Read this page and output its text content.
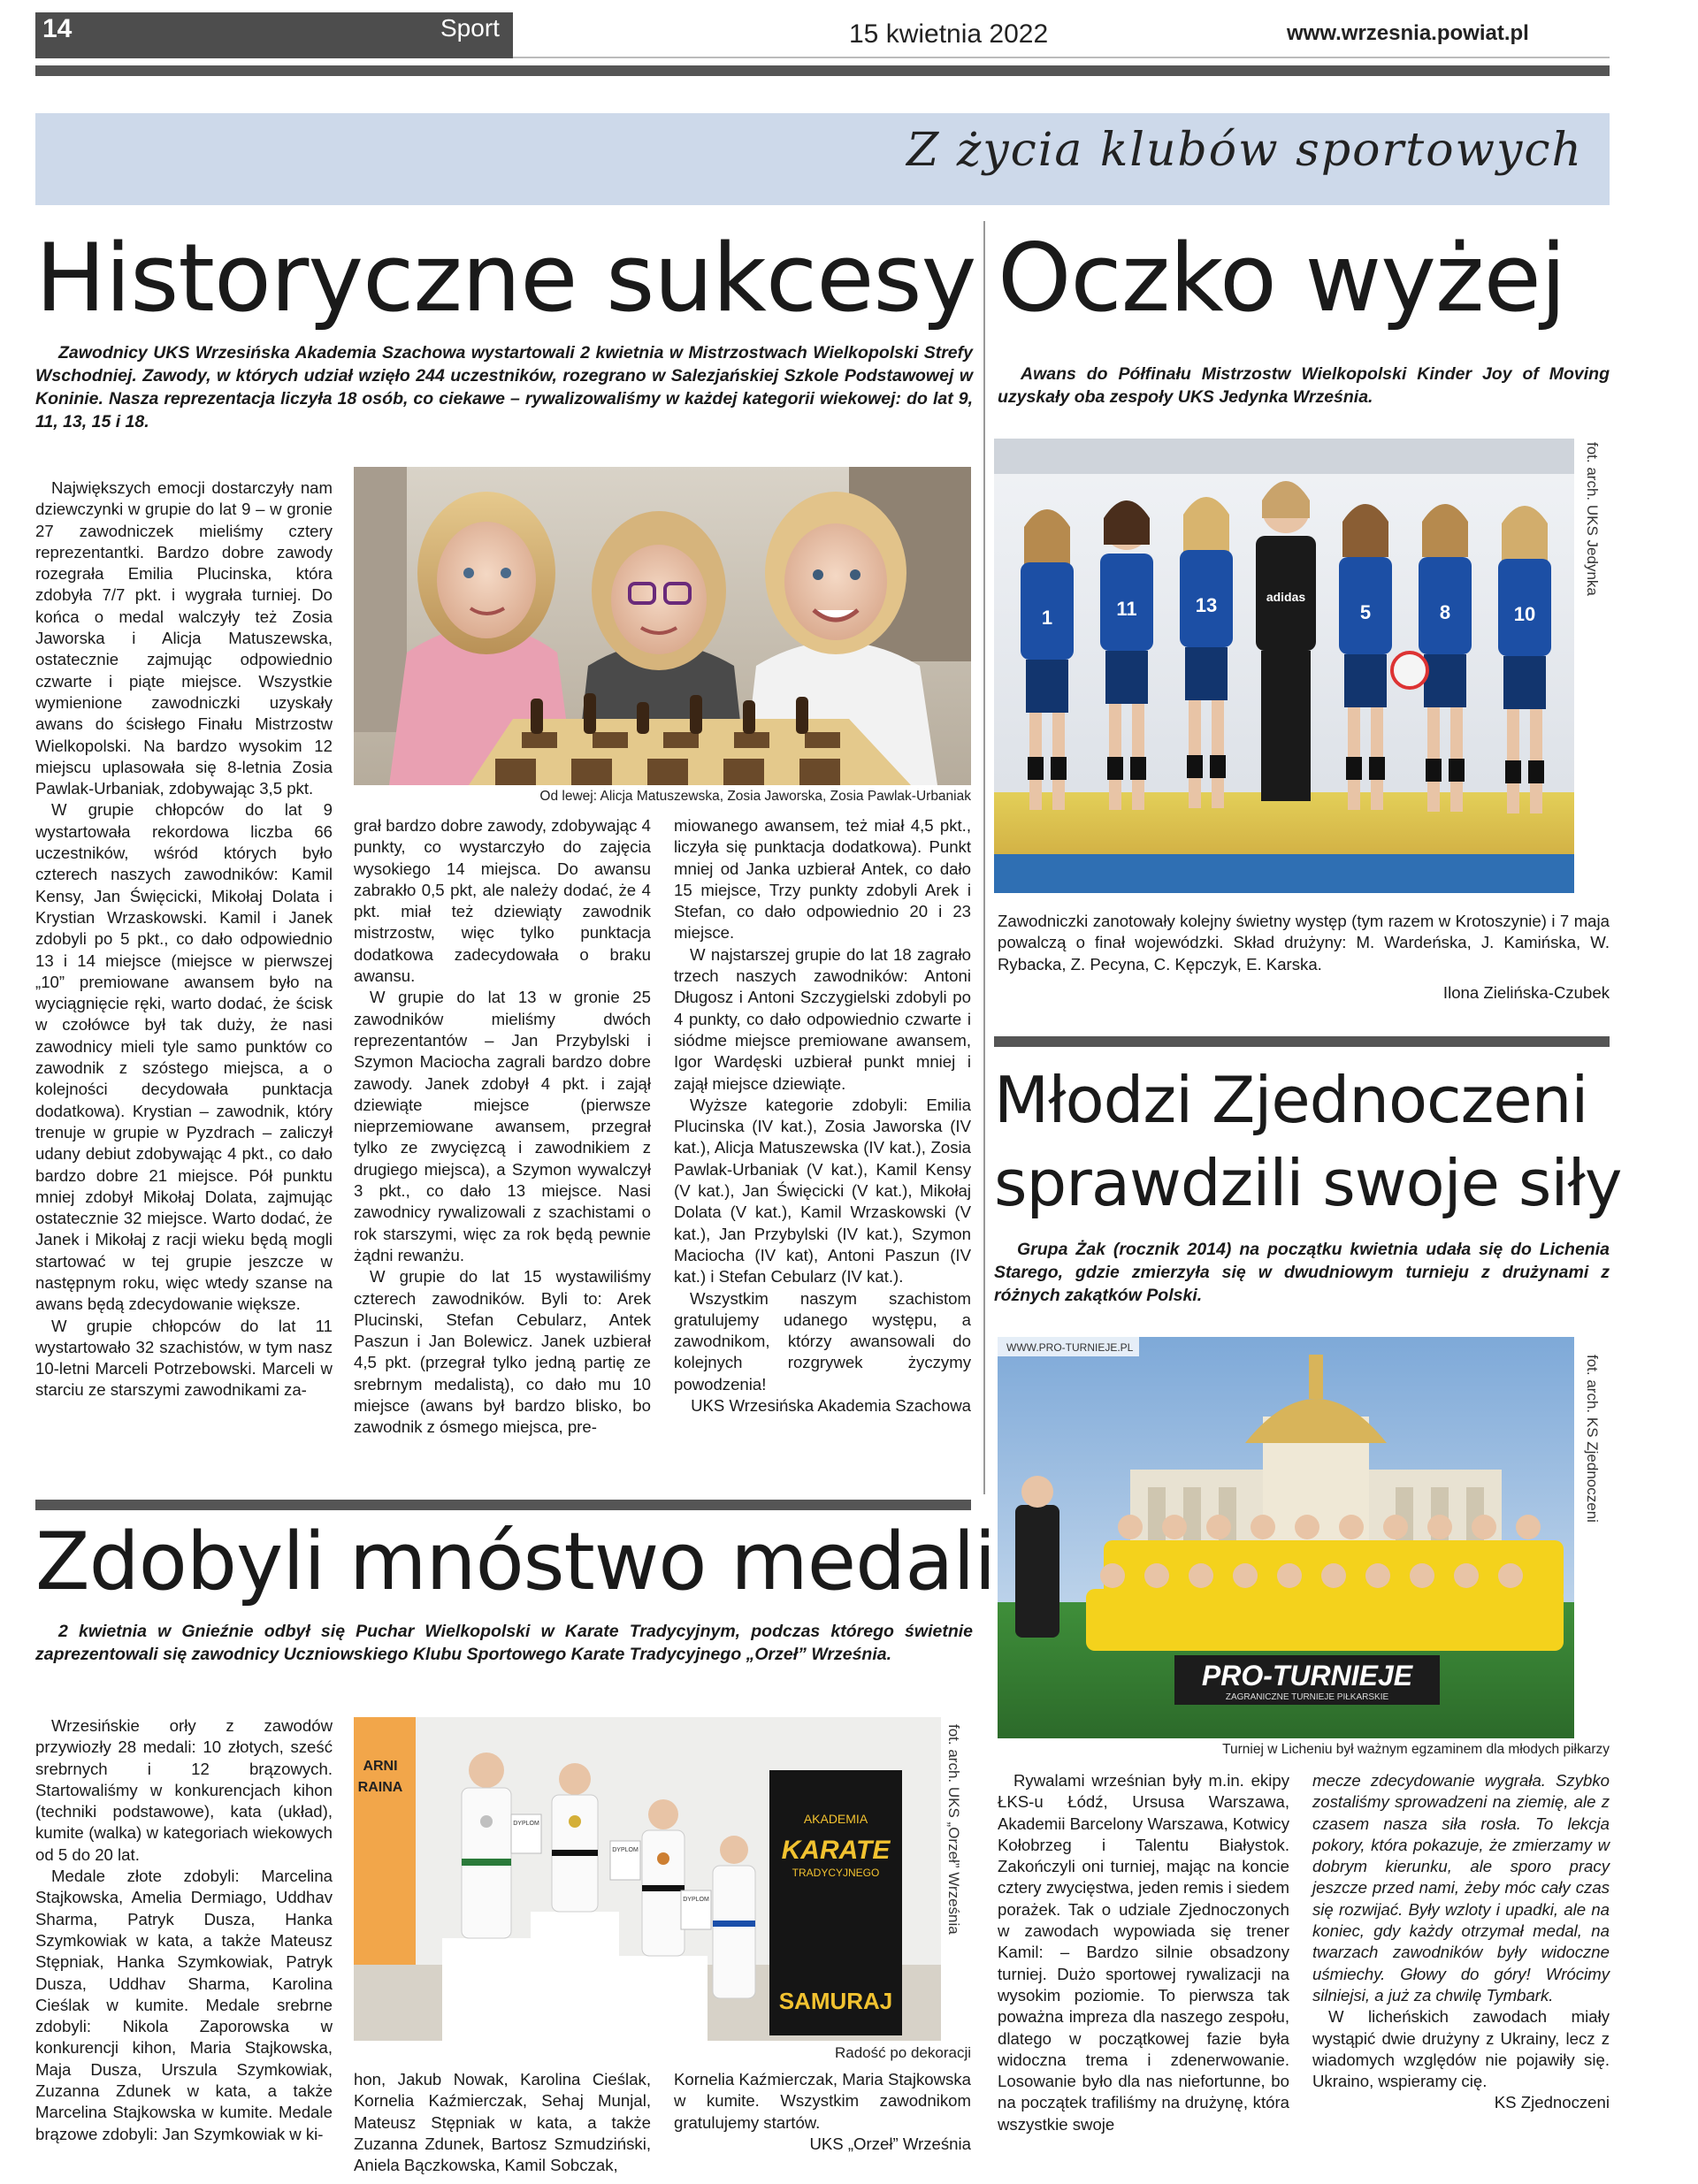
14	Sport	15 kwietnia 2022	www.wrzesnia.powiat.pl
Z życia klubów sportowych
Historyczne sukcesy
Zawodnicy UKS Wrzesińska Akademia Szachowa wystartowali 2 kwietnia w Mistrzostwach Wielkopolski Strefy Wschodniej. Zawody, w których udział wzięło 244 uczestników, rozegrano w Salezjańskiej Szkole Podstawowej w Koninie. Nasza reprezentacja liczyła 18 osób, co ciekawe – rywalizowaliśmy w każdej kategorii wiekowej: do lat 9, 11, 13, 15 i 18.
Od lewej: Alicja Matuszewska, Zosia Jaworska, Zosia Pawlak-Urbaniak

Największych emocji dostarczyły nam dziewczynki w grupie do lat 9 – w gronie 27 zawodniczek mieliśmy cztery reprezentantki. Bardzo dobre zawody rozegrała Emilia Plucinska, która zdobyła 7/7 pkt. i wygrała turniej. Do końca o medal walczyły też Zosia Jaworska i Alicja Matuszewska, ostatecznie zajmując odpowiednio czwarte i piąte miejsce. Wszystkie wymienione zawodniczki uzyskały awans do ścisłego Finału Mistrzostw Wielkopolski. Na bardzo wysokim 12 miejscu uplasowała się 8-letnia Zosia Pawlak-Urbaniak, zdobywając 3,5 pkt.

W grupie chłopców do lat 9 wystartowała rekordowa liczba 66 uczestników, wśród których było czterech naszych zawodników: Kamil Kensy, Jan Święcicki, Mikołaj Dolata i Krystian Wrzaskowski. Kamil i Janek zdobyli po 5 pkt., co dało odpowiednio 13 i 14 miejsce (miejsce w pierwszej „10” premiowane awansem było na wyciągnięcie ręki, warto dodać, że ścisk w czołówce był tak duży, że nasi zawodnicy mieli tyle samo punktów co zawodnik z szóstego miejsca, a o kolejności decydowała punktacja dodatkowa). Krystian – zawodnik, który trenuje w grupie w Pyzdrach – zaliczył udany debiut zdobywając 4 pkt., co dało bardzo dobre 21 miejsce. Pół punktu mniej zdobył Mikołaj Dolata, zajmując ostatecznie 32 miejsce. Warto dodać, że Janek i Mikołaj z racji wieku będą mogli startować w tej grupie jeszcze w następnym roku, więc wtedy szanse na awans będą zdecydowanie większe.

W grupie chłopców do lat 11 wystartowało 32 szachistów, w tym nasz 10-letni Marceli Potrzebowski. Marceli w starciu ze starszymi zawodnikami za-

grał bardzo dobre zawody, zdobywając 4 punkty, co wystarczyło do zajęcia wysokiego 14 miejsca. Do awansu zabrakło 0,5 pkt, ale należy dodać, że 4 pkt. miał też dziewiąty zawodnik mistrzostw, więc tylko punktacja dodatkowa zadecydowała o braku awansu.

W grupie do lat 13 w gronie 25 zawodników mieliśmy dwóch reprezentantów – Jan Przybylski i Szymon Maciocha zagrali bardzo dobre zawody. Janek zdobył 4 pkt. i zajął dziewiąte miejsce (pierwsze nieprzemiowane awansem, przegrał tylko ze zwycięzcą i zawodnikiem z drugiego miejsca), a Szymon wywalczył 3 pkt., co dało 13 miejsce. Nasi zawodnicy rywalizowali z szachistami o rok starszymi, więc za rok będą pewnie żądni rewanżu.

W grupie do lat 15 wystawiliśmy czterech zawodników. Byli to: Arek Plucinski, Stefan Cebularz, Antek Paszun i Jan Bolewicz. Janek uzbierał 4,5 pkt. (przegrał tylko jedną partię ze srebrnym medalistą), co dało mu 10 miejsce (awans był bardzo blisko, bo zawodnik z ósmego miejsca, pre-

miowanego awansem, też miał 4,5 pkt., liczyła się punktacja dodatkowa). Punkt mniej od Janka uzbierał Antek, co dało 15 miejsce, Trzy punkty zdobyli Arek i Stefan, co dało odpowiednio 20 i 23 miejsce.

W najstarszej grupie do lat 18 zagrało trzech naszych zawodników: Antoni Długosz i Antoni Szczygielski zdobyli po 4 punkty, co dało odpowiednio czwarte i siódme miejsce premiowane awansem, Igor Wardęski uzbierał punkt mniej i zajął miejsce dziewiąte.

Wyższe kategorie zdobyli: Emilia Plucinska (IV kat.), Zosia Jaworska (IV kat.), Alicja Matuszewska (IV kat.), Zosia Pawlak-Urbaniak (V kat.), Kamil Kensy (V kat.), Jan Święcicki (V kat.), Mikołaj Dolata (V kat.), Kamil Wrzaskowski (V kat.), Jan Przybylski (IV kat.), Szymon Maciocha (IV kat), Antoni Paszun (IV kat.) i Stefan Cebularz (IV kat.).

Wszystkim naszym szachistom gratulujemy udanego występu, a zawodnikom, którzy awansowali do kolejnych rozgrywek życzymy powodzenia!

UKS Wrzesińska Akademia Szachowa
Oczko wyżej
Awans do Półfinału Mistrzostw Wielkopolski Kinder Joy of Moving uzyskały oba zespoły UKS Jedynka Września.
1	11	13	5	8	10
adidas
fot. arch. UKS Jedynka
Zawodniczki zanotowały kolejny świetny występ (tym razem w Krotoszynie) i 7 maja powalczą o finał wojewódzki. Skład drużyny: M. Wardeńska, J. Kamińska, W. Rybacka, Z. Pecyna, C. Kępczyk, E. Karska.
Ilona Zielińska-Czubek
Młodzi Zjednoczeni
sprawdzili swoje siły
Grupa Żak (rocznik 2014) na początku kwietnia udała się do Lichenia Starego, gdzie zmierzyła się w dwudniowym turnieju z drużynami z różnych zakątków Polski.
PRO-TURNIEJE
ZAGRANICZNE TURNIEJE PIŁKARSKIE
WWW.PRO-TURNIEJE.PL
fot. arch. KS Zjednoczeni
Turniej w Licheniu był ważnym egzaminem dla młodych piłkarzy

Rywalami wrześnian były m.in. ekipy ŁKS-u Łódź, Ursusa Warszawa, Akademii Barcelony Warszawa, Kotwicy Kołobrzeg i Talentu Białystok. Zakończyli oni turniej, mając na koncie cztery zwycięstwa, jeden remis i siedem porażek. Tak o udziale Zjednoczonych w zawodach wypowiada się trener Kamil: – Bardzo silnie obsadzony turniej. Dużo sportowej rywalizacji na wysokim poziomie. To pierwsza tak poważna impreza dla naszego zespołu, dlatego w początkowej fazie była widoczna trema i zdenerwowanie. Losowanie było dla nas niefortunne, bo na początek trafiliśmy na drużynę, która wszystkie swoje

mecze zdecydowanie wygrała. Szybko zostaliśmy sprowadzeni na ziemię, ale z czasem nasza siła rosła. To lekcja pokory, która pokazuje, że zmierzamy w dobrym kierunku, ale sporo pracy jeszcze przed nami, żeby móc cały czas się rozwijać. Były wzloty i upadki, ale na koniec, gdy każdy otrzymał medal, na twarzach zawodników były widoczne uśmiechy. Głowy do góry! Wrócimy silniejsi, a już za chwilę Tymbark.

W licheńskich zawodach miały wystąpić dwie drużyny z Ukrainy, lecz z wiadomych względów nie pojawiły się. Ukraino, wspieramy cię.

KS Zjednoczeni
Zdobyli mnóstwo medali
2 kwietnia w Gnieźnie odbył się Puchar Wielkopolski w Karate Tradycyjnym, podczas którego świetnie zaprezentowali się zawodnicy Uczniowskiego Klubu Sportowego Karate Tradycyjnego „Orzeł” Września.
AKADEMIA
KARATE
TRADYCYJNEGO
SAMURAJ
ARNI
RAINA
DYPLOM
DYPLOM
DYPLOM	fot. arch. UKS „Orzeł” Września
Radość po dekoracji

Wrzesińskie orły z zawodów przywiozły 28 medali: 10 złotych, sześć srebrnych i 12 brązowych. Startowaliśmy w konkurencjach kihon (techniki podstawowe), kata (układ), kumite (walka) w kategoriach wiekowych od 5 do 20 lat.

Medale złote zdobyli: Marcelina Stajkowska, Amelia Dermiago, Uddhav Sharma, Patryk Dusza, Hanka Szymkowiak w kata, a także Mateusz Stępniak, Hanka Szymkowiak, Patryk Dusza, Uddhav Sharma, Karolina Cieślak w kumite. Medale srebrne zdobyli: Nikola Zaporowska w konkurencji kihon, Maria Stajkowska, Maja Dusza, Urszula Szymkowiak, Zuzanna Zdunek w kata, a także Marcelina Stajkowska w kumite. Medale brązowe zdobyli: Jan Szymkowiak w ki-

hon, Jakub Nowak, Karolina Cieślak, Kornelia Kaźmierczak, Sehaj Munjal, Mateusz Stępniak w kata, a także Zuzanna Zdunek, Bartosz Szmudziński, Aniela Bączkowska, Kamil Sobczak,

Kornelia Kaźmierczak, Maria Stajkowska w kumite. Wszystkim zawodnikom gratulujemy startów.

UKS „Orzeł” Września
